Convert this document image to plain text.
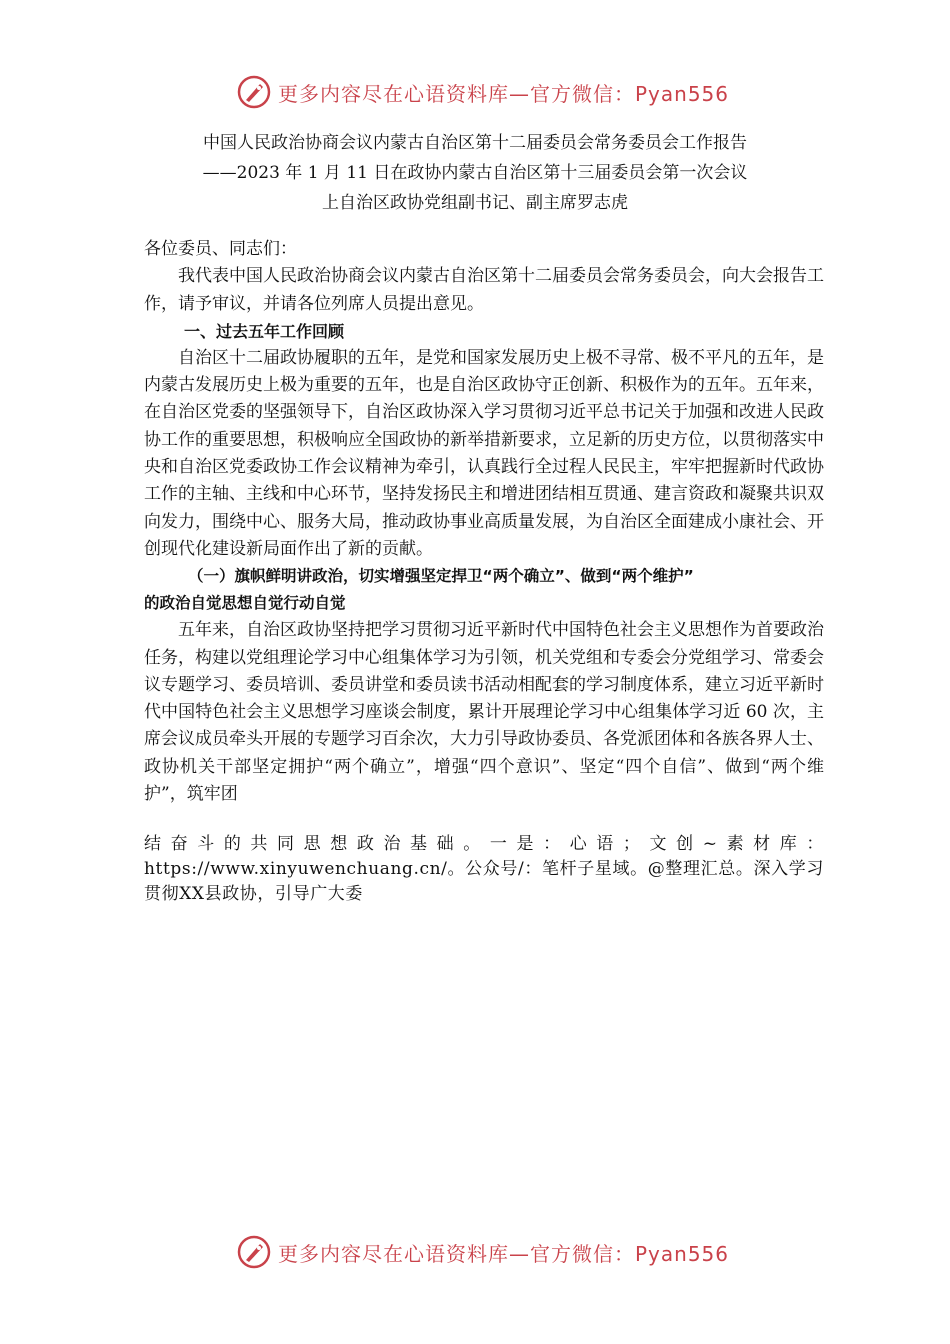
更多内容尽在心语资料库—官方微信：Pyan556
中国人民政治协商会议内蒙古自治区第十二届委员会常务委员会工作报告
——2023 年 1 月 11 日在政协内蒙古自治区第十三届委员会第一次会议
上自治区政协党组副书记、副主席罗志虎

各位委员、同志们：

我代表中国人民政治协商会议内蒙古自治区第十二届委员会常务委员会，向大会报告工作，请予审议，并请各位列席人员提出意见。

一、过去五年工作回顾

自治区十二届政协履职的五年，是党和国家发展历史上极不寻常、极不平凡的五年，是内蒙古发展历史上极为重要的五年，也是自治区政协守正创新、积极作为的五年。五年来，在自治区党委的坚强领导下，自治区政协深入学习贯彻习近平总书记关于加强和改进人民政协工作的重要思想，积极响应全国政协的新举措新要求，立足新的历史方位，以贯彻落实中央和自治区党委政协工作会议精神为牵引，认真践行全过程人民民主，牢牢把握新时代政协工作的主轴、主线和中心环节，坚持发扬民主和增进团结相互贯通、建言资政和凝聚共识双向发力，围绕中心、服务大局，推动政协事业高质量发展，为自治区全面建成小康社会、开创现代化建设新局面作出了新的贡献。

（一）旗帜鲜明讲政治，切实增强坚定捍卫“两个确立”、做到“两个维护”

的政治自觉思想自觉行动自觉

五年来，自治区政协坚持把学习贯彻习近平新时代中国特色社会主义思想作为首要政治任务，构建以党组理论学习中心组集体学习为引领，机关党组和专委会分党组学习、常委会议专题学习、委员培训、委员讲堂和委员读书活动相配套的学习制度体系，建立习近平新时代中国特色社会主义思想学习座谈会制度，累计开展理论学习中心组集体学习近 60 次，主席会议成员牵头开展的专题学习百余次，大力引导政协委员、各党派团体和各族各界人士、政协机关干部坚定拥护“两个确立”，增强“四个意识”、坚定“四个自信”、做到“两个维护”，筑牢团

结奋斗的共同思想政治基础。一是：心语；文创~素材库：https://www.xinyuwenchuang.cn/。公众号/：笔杆子星域。@整理汇总。深入学习贯彻XX县政协，引导广大委

更多内容尽在心语资料库—官方微信：Pyan556
